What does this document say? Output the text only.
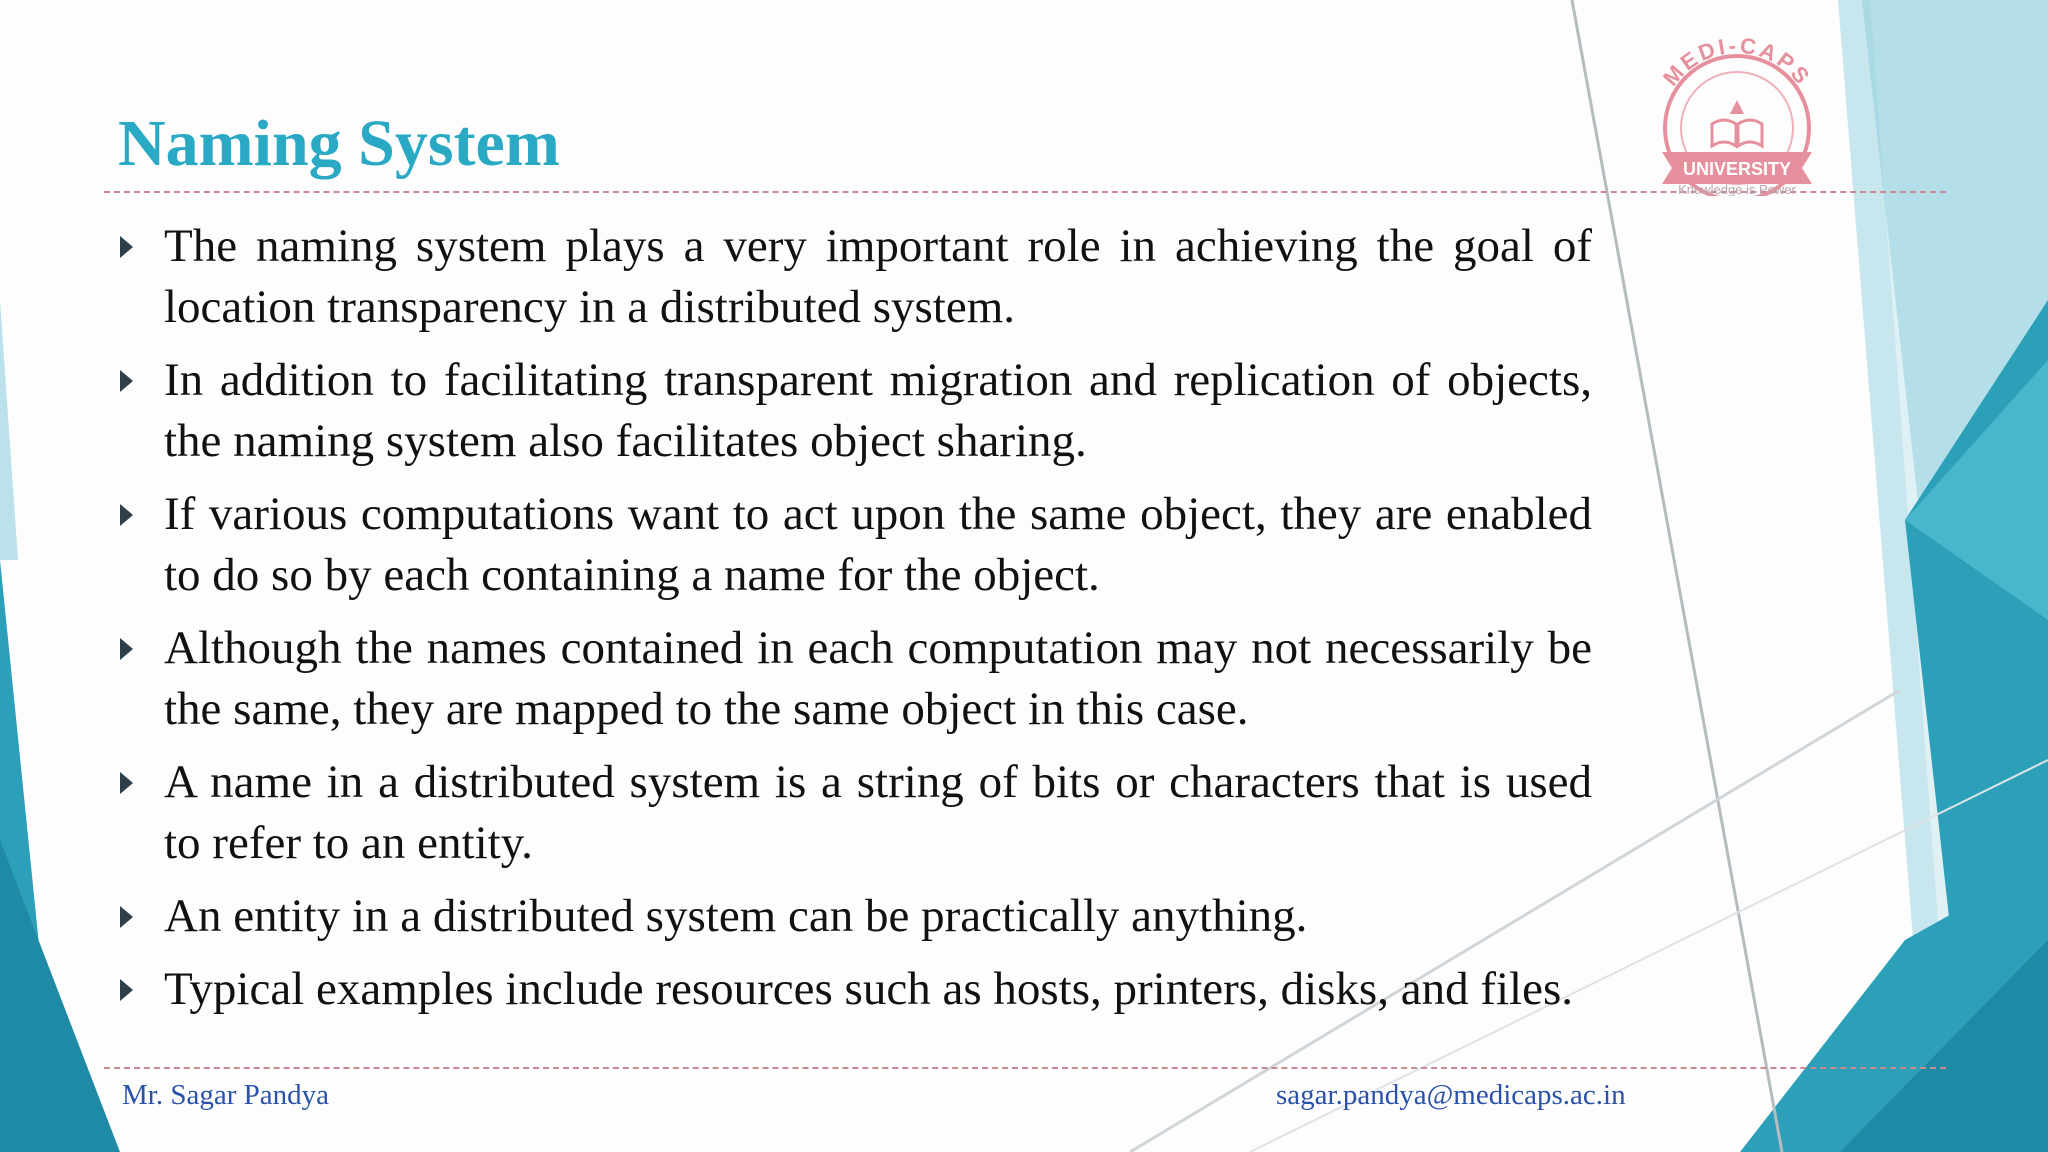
Naming System
The naming system plays a very important role in achieving the goal of location transparency in a distributed system.
In addition to facilitating transparent migration and replication of objects, the naming system also facilitates object sharing.
If various computations want to act upon the same object, they are enabled to do so by each containing a name for the object.
Although the names contained in each computation may not necessarily be the same, they are mapped to the same object in this case.
A name in a distributed system is a string of bits or characters that is used to refer to an entity.
An entity in a distributed system can be practically anything.
Typical examples include resources such as hosts, printers, disks, and files.
Mr. Sagar Pandya	sagar.pandya@medicaps.ac.in
MEDI-CAPS
UNIVERSITY
Knowledge is Power
